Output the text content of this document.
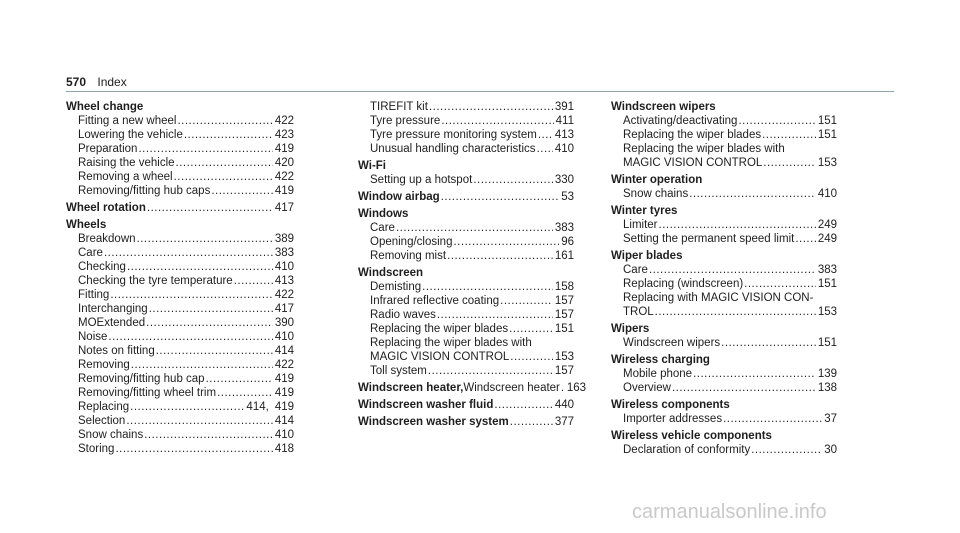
570 Index
Wheel change
Fitting a new wheel .....	422
Lowering the vehicle .....	423
Preparation .....	419
Raising the vehicle .....	420
Removing a wheel .....	422
Removing/fitting hub caps .....	419
Wheel rotation .....	417
Wheels
Breakdown .....	389
Care .....	383
Checking .....	410
Checking the tyre temperature .....	413
Fitting .....	422
Interchanging .....	417
MOExtended .....	390
Noise .....	410
Notes on fitting .....	414
Removing .....	422
Removing/fitting hub cap .....	419
Removing/fitting wheel trim .....	419
Replacing .....	414, 419
Selection .....	414
Snow chains .....	410
Storing .....	418
TIREFIT kit .....	391
Tyre pressure .....	411
Tyre pressure monitoring system ..... 413
Unusual handling characteristics ..... 410
Wi-Fi
Setting up a hotspot .....	330
Window airbag .....	53
Windows
Care .....	383
Opening/closing .....	96
Removing mist .....	161
Windscreen
Demisting .....	158
Infrared reflective coating .....	157
Radio waves .....	157
Replacing the wiper blades .....	151
Replacing the wiper blades with
MAGIC VISION CONTROL .....	153
Toll system .....	157
Windscreen heater, Windscreen heater ..... 163
Windscreen washer fluid .....	440
Windscreen washer system .....	377
Windscreen wipers
Activating/deactivating .....	151
Replacing the wiper blades .....	151
Replacing the wiper blades with
MAGIC VISION CONTROL .....	153
Winter operation
Snow chains .....	410
Winter tyres
Limiter .....	249
Setting the permanent speed limit ..... 249
Wiper blades
Care .....	383
Replacing (windscreen) .....	151
Replacing with MAGIC VISION CON-
TROL .....	153
Wipers
Windscreen wipers .....	151
Wireless charging
Mobile phone .....	139
Overview .....	138
Wireless components
Importer addresses .....	37
Wireless vehicle components
Declaration of conformity .....	30
carmanualsonline.info
